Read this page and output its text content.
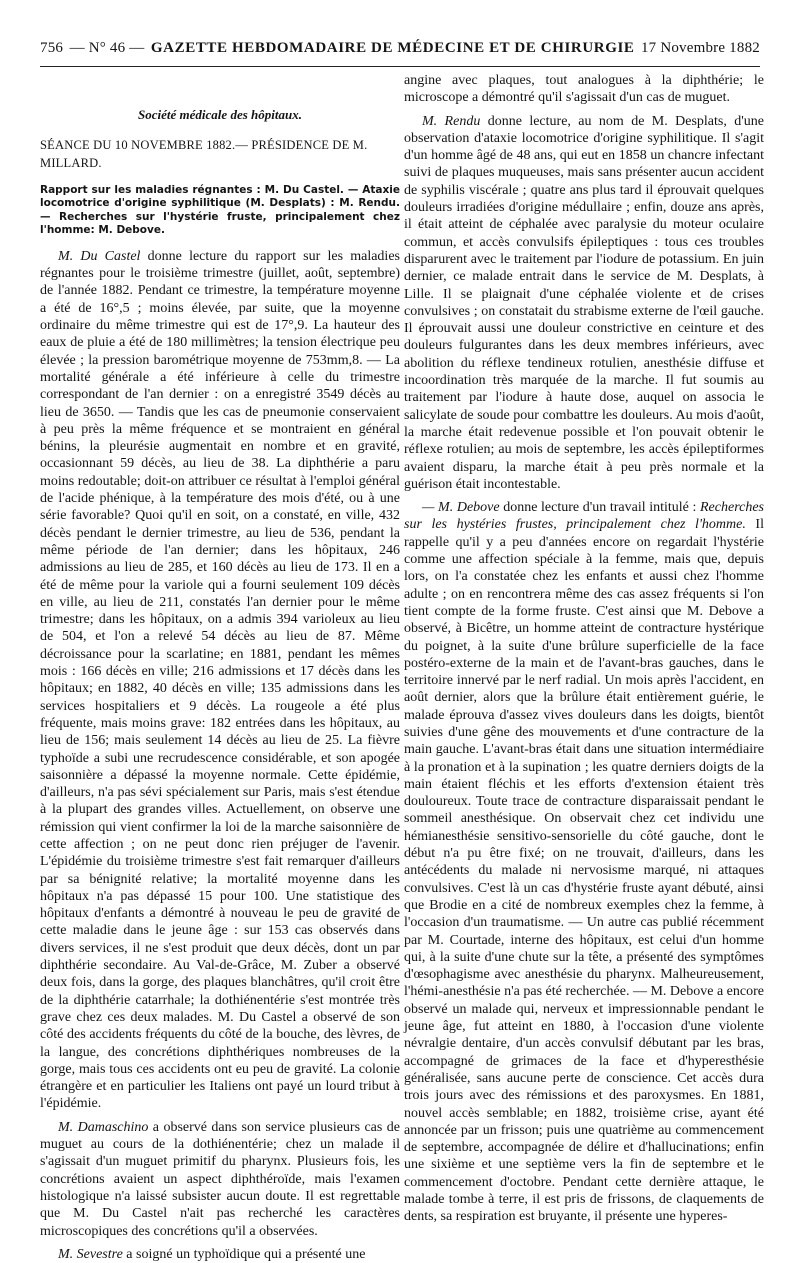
756 — N° 46 — GAZETTE HEBDOMADAIRE DE MÉDECINE ET DE CHIRURGIE 17 Novembre 1882
Société médicale des hôpitaux.
SÉANCE DU 10 NOVEMBRE 1882.— PRÉSIDENCE DE M. MILLARD.
Rapport sur les maladies régnantes : M. Du Castel. — Ataxie locomotrice d'origine syphilitique (M. Desplats) : M. Rendu. — Recherches sur l'hystérie fruste, principalement chez l'homme: M. Debove.

M. Du Castel donne lecture du rapport sur les maladies régnantes pour le troisième trimestre (juillet, août, septembre) de l'année 1882. Pendant ce trimestre, la température moyenne a été de 16°,5 ; moins élevée, par suite, que la moyenne ordinaire du même trimestre qui est de 17°,9. La hauteur des eaux de pluie a été de 180 millimètres; la tension électrique peu élevée ; la pression barométrique moyenne de 753mm,8. — La mortalité générale a été inférieure à celle du trimestre correspondant de l'an dernier : on a enregistré 3549 décès au lieu de 3650. — Tandis que les cas de pneumonie conservaient à peu près la même fréquence et se montraient en général bénins, la pleurésie augmentait en nombre et en gravité, occasionnant 59 décès, au lieu de 38. La diphthérie a paru moins redoutable; doit-on attribuer ce résultat à l'emploi général de l'acide phénique, à la température des mois d'été, ou à une série favorable? Quoi qu'il en soit, on a constaté, en ville, 432 décès pendant le dernier trimestre, au lieu de 536, pendant la même période de l'an dernier; dans les hôpitaux, 246 admissions au lieu de 285, et 160 décès au lieu de 173. Il en a été de même pour la variole qui a fourni seulement 109 décès en ville, au lieu de 211, constatés l'an dernier pour le même trimestre; dans les hôpitaux, on a admis 394 varioleux au lieu de 504, et l'on a relevé 54 décès au lieu de 87. Même décroissance pour la scarlatine; en 1881, pendant les mêmes mois : 166 décès en ville; 216 admissions et 17 décès dans les hôpitaux; en 1882, 40 décès en ville; 135 admissions dans les services hospitaliers et 9 décès. La rougeole a été plus fréquente, mais moins grave: 182 entrées dans les hôpitaux, au lieu de 156; mais seulement 14 décès au lieu de 25. La fièvre typhoïde a subi une recrudescence considérable, et son apogée saisonnière a dépassé la moyenne normale. Cette épidémie, d'ailleurs, n'a pas sévi spécialement sur Paris, mais s'est étendue à la plupart des grandes villes. Actuellement, on observe une rémission qui vient confirmer la loi de la marche saisonnière de cette affection ; on ne peut donc rien préjuger de l'avenir. L'épidémie du troisième trimestre s'est fait remarquer d'ailleurs par sa bénignité relative; la mortalité moyenne dans les hôpitaux n'a pas dépassé 15 pour 100. Une statistique des hôpitaux d'enfants a démontré à nouveau le peu de gravité de cette maladie dans le jeune âge : sur 153 cas observés dans divers services, il ne s'est produit que deux décès, dont un par diphthérie secondaire. Au Val-de-Grâce, M. Zuber a observé deux fois, dans la gorge, des plaques blanchâtres, qu'il croit être de la diphthérie catarrhale; la dothiénentérie s'est montrée très grave chez ces deux malades. M. Du Castel a observé de son côté des accidents fréquents du côté de la bouche, des lèvres, de la langue, des concrétions diphthériques nombreuses de la gorge, mais tous ces accidents ont eu peu de gravité. La colonie étrangère et en particulier les Italiens ont payé un lourd tribut à l'épidémie.

M. Damaschino a observé dans son service plusieurs cas de muguet au cours de la dothiénentérie; chez un malade il s'agissait d'un muguet primitif du pharynx. Plusieurs fois, les concrétions avaient un aspect diphthéroïde, mais l'examen histologique n'a laissé subsister aucun doute. Il est regrettable que M. Du Castel n'ait pas recherché les caractères microscopiques des concrétions qu'il a observées.

M. Sevestre a soigné un typhoïdique qui a présenté une

angine avec plaques, tout analogues à la diphthérie; le microscope a démontré qu'il s'agissait d'un cas de muguet.

M. Rendu donne lecture, au nom de M. Desplats, d'une observation d'ataxie locomotrice d'origine syphilitique. Il s'agit d'un homme âgé de 48 ans, qui eut en 1858 un chancre infectant suivi de plaques muqueuses, mais sans présenter aucun accident de syphilis viscérale ; quatre ans plus tard il éprouvait quelques douleurs irradiées d'origine médullaire ; enfin, douze ans après, il était atteint de céphalée avec paralysie du moteur oculaire commun, et accès convulsifs épileptiques : tous ces troubles disparurent avec le traitement par l'iodure de potassium. En juin dernier, ce malade entrait dans le service de M. Desplats, à Lille. Il se plaignait d'une céphalée violente et de crises convulsives ; on constatait du strabisme externe de l'œil gauche. Il éprouvait aussi une douleur constrictive en ceinture et des douleurs fulgurantes dans les deux membres inférieurs, avec abolition du réflexe tendineux rotulien, anesthésie diffuse et incoordination très marquée de la marche. Il fut soumis au traitement par l'iodure à haute dose, auquel on associa le salicylate de soude pour combattre les douleurs. Au mois d'août, la marche était redevenue possible et l'on pouvait obtenir le réflexe rotulien; au mois de septembre, les accès épileptiformes avaient disparu, la marche était à peu près normale et la guérison était incontestable.

— M. Debove donne lecture d'un travail intitulé : Recherches sur les hystéries frustes, principalement chez l'homme. Il rappelle qu'il y a peu d'années encore on regardait l'hystérie comme une affection spéciale à la femme, mais que, depuis lors, on l'a constatée chez les enfants et aussi chez l'homme adulte ; on en rencontrera même des cas assez fréquents si l'on tient compte de la forme fruste. C'est ainsi que M. Debove a observé, à Bicêtre, un homme atteint de contracture hystérique du poignet, à la suite d'une brûlure superficielle de la face postéro-externe de la main et de l'avant-bras gauches, dans le territoire innervé par le nerf radial. Un mois après l'accident, en août dernier, alors que la brûlure était entièrement guérie, le malade éprouva d'assez vives douleurs dans les doigts, bientôt suivies d'une gêne des mouvements et d'une contracture de la main gauche. L'avant-bras était dans une situation intermédiaire à la pronation et à la supination ; les quatre derniers doigts de la main étaient fléchis et les efforts d'extension étaient très douloureux. Toute trace de contracture disparaissait pendant le sommeil anesthésique. On observait chez cet individu une hémianesthésie sensitivo-sensorielle du côté gauche, dont le début n'a pu être fixé; on ne trouvait, d'ailleurs, dans les antécédents du malade ni nervosisme marqué, ni attaques convulsives. C'est là un cas d'hystérie fruste ayant débuté, ainsi que Brodie en a cité de nombreux exemples chez la femme, à l'occasion d'un traumatisme. — Un autre cas publié récemment par M. Courtade, interne des hôpitaux, est celui d'un homme qui, à la suite d'une chute sur la tête, a présenté des symptômes d'œsophagisme avec anesthésie du pharynx. Malheureusement, l'hémi-anesthésie n'a pas été recherchée. — M. Debove a encore observé un malade qui, nerveux et impressionnable pendant le jeune âge, fut atteint en 1880, à l'occasion d'une violente névralgie dentaire, d'un accès convulsif débutant par les bras, accompagné de grimaces de la face et d'hyperesthésie généralisée, sans aucune perte de conscience. Cet accès dura trois jours avec des rémissions et des paroxysmes. En 1881, nouvel accès semblable; en 1882, troisième crise, ayant été annoncée par un frisson; puis une quatrième au commencement de septembre, accompagnée de délire et d'hallucinations; enfin une sixième et une septième vers la fin de septembre et le commencement d'octobre. Pendant cette dernière attaque, le malade tombe à terre, il est pris de frissons, de claquements de dents, sa respiration est bruyante, il présente une hyperes-
